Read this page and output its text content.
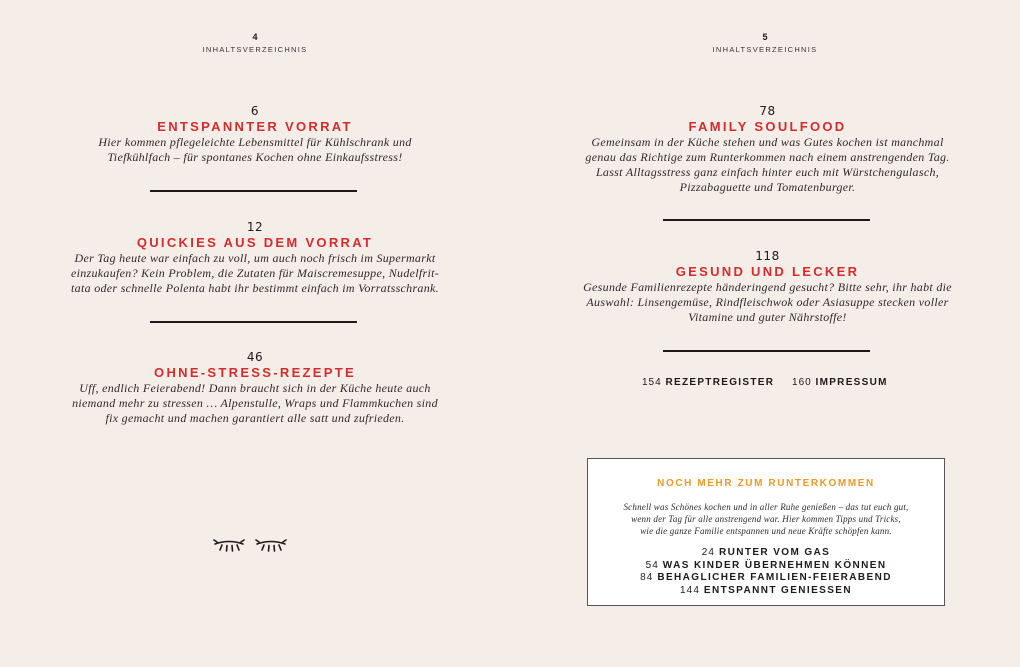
4
INHALTSVERZEICHNIS
6
ENTSPANNTER VORRAT
Hier kommen pflegeleichte Lebensmittel für Kühlschrank und
Tiefkühlfach – für spontanes Kochen ohne Einkaufsstress!
12
QUICKIES AUS DEM VORRAT
Der Tag heute war einfach zu voll, um auch noch frisch im Supermarkt
einzukaufen? Kein Problem, die Zutaten für Maiscremesuppe, Nudelfrit-
tata oder schnelle Polenta habt ihr bestimmt einfach im Vorratsschrank.
46
OHNE-STRESS-REZEPTE
Uff, endlich Feierabend! Dann braucht sich in der Küche heute auch
niemand mehr zu stressen … Alpenstulle, Wraps und Flammkuchen sind
fix gemacht und machen garantiert alle satt und zufrieden.
5
INHALTSVERZEICHNIS
78
FAMILY SOULFOOD
Gemeinsam in der Küche stehen und was Gutes kochen ist manchmal
genau das Richtige zum Runterkommen nach einem anstrengenden Tag.
Lasst Alltagsstress ganz einfach hinter euch mit Würstchengulasch,
Pizzabaguette und Tomatenburger.
118
GESUND UND LECKER
Gesunde Familienrezepte händeringend gesucht? Bitte sehr, ihr habt die
Auswahl: Linsengemüse, Rindfleischwok oder Asiasuppe stecken voller
Vitamine und guter Nährstoffe!
154 REZEPTREGISTER 160 IMPRESSUM
NOCH MEHR ZUM RUNTERKOMMEN
Schnell was Schönes kochen und in aller Ruhe genießen – das tut euch gut,
wenn der Tag für alle anstrengend war. Hier kommen Tipps und Tricks,
wie die ganze Familie entspannen und neue Kräfte schöpfen kann.
24 RUNTER VOM GAS
54 WAS KINDER ÜBERNEHMEN KÖNNEN
84 BEHAGLICHER FAMILIEN-FEIERABEND
144 ENTSPANNT GENIESSEN
